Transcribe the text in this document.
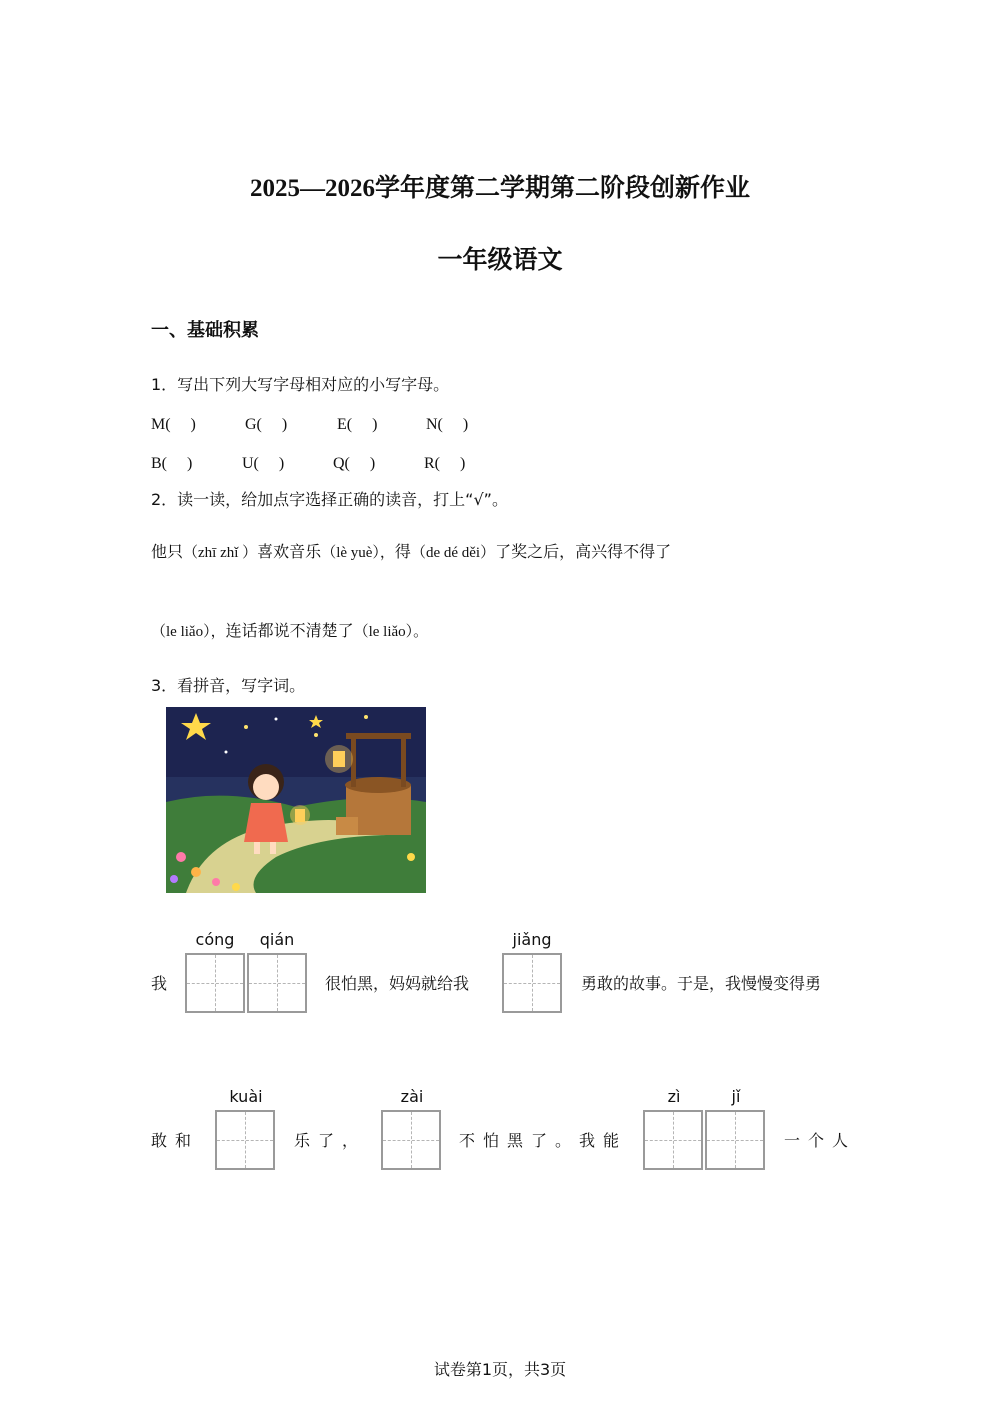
2025—2026学年度第二学期第二阶段创新作业
一年级语文
一、基础积累
1．写出下列大写字母相对应的小写字母。
M(　 )	G(　 )	E(　 )	N(　 )
B(　 )	U(　 )	Q(　 )	R(　 )
2．读一读，给加点字选择正确的读音，打上“√”。
他只（zhī zhǐ ）喜欢音乐（lè yuè），得（de dé děi）了奖之后，高兴得不得了
（le liǎo），连话都说不清楚了（le liǎo）。
3．看拼音，写字词。
我
cóng	qián
很怕黑，妈妈就给我
jiǎng
勇敢的故事。于是，我慢慢变得勇
敢和
kuài
乐了，
zài
不怕黑了。我能
zì	jǐ
一个人
试卷第1页，共3页
